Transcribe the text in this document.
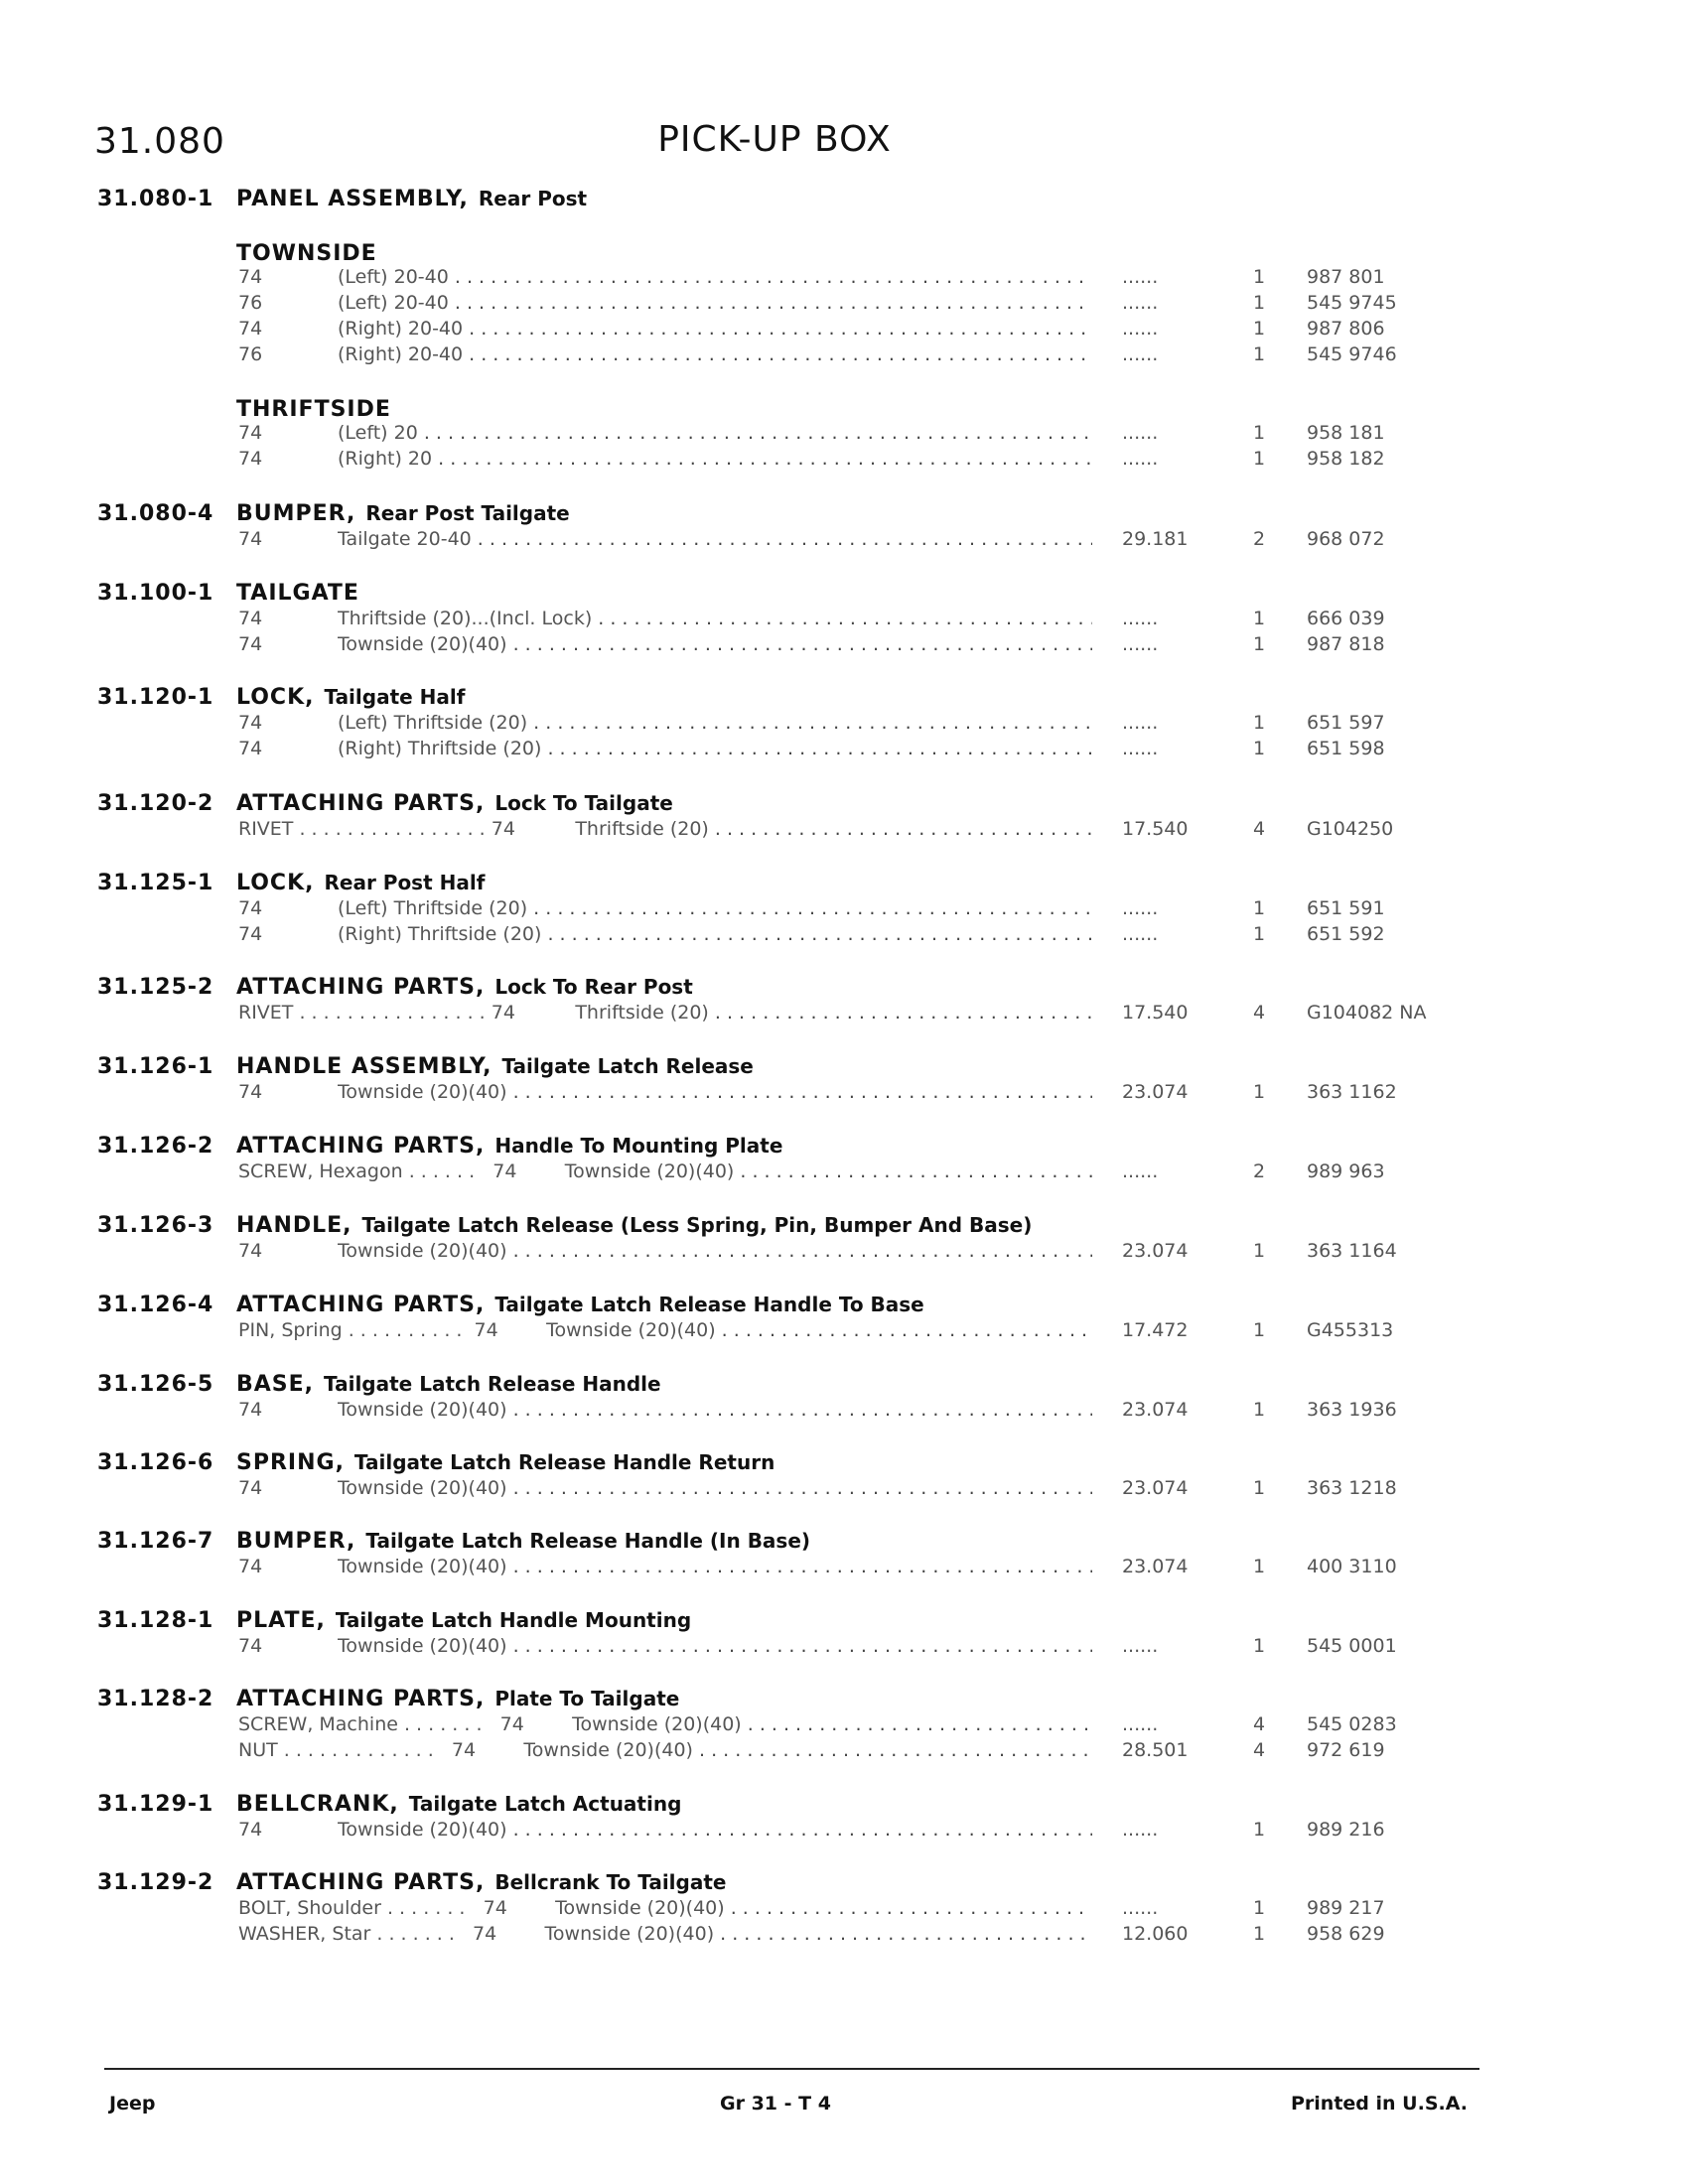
31.080	PICK-UP BOX
31.080-1 PANEL ASSEMBLY, Rear Post
TOWNSIDE
74	(Left) 20-40 . . .	......	1 987 801
76	(Left) 20-40 . . .	......	1 545 9745
74	(Right) 20-40 . . .	......	1 987 806
76	(Right) 20-40 . . .	......	1 545 9746
THRIFTSIDE
74	(Left) 20 . . .	......	1 958 181
74	(Right) 20 . . .	......	1 958 182
31.080-4 BUMPER, Rear Post Tailgate
74	Tailgate 20-40 . . .	29.181	2 968 072
31.100-1 TAILGATE
74	Thriftside (20)...(Incl. Lock) . . .	......	1 666 039
74	Townside (20)(40) . . .	......	1 987 818
31.120-1 LOCK, Tailgate Half
74	(Left) Thriftside (20) . . .	......	1 651 597
74	(Right) Thriftside (20) . . .	......	1 651 598
31.120-2 ATTACHING PARTS, Lock To Tailgate
RIVET . . . . . . . . . . . . . . . . 74	Thriftside (20) . . .	17.540	4 G104250
31.125-1 LOCK, Rear Post Half
74	(Left) Thriftside (20) . . .	......	1 651 591
74	(Right) Thriftside (20) . . .	......	1 651 592
31.125-2 ATTACHING PARTS, Lock To Rear Post
RIVET . . . . . . . . . . . . . . . . 74	Thriftside (20) . . .	17.540	4 G104082 NA
31.126-1 HANDLE ASSEMBLY, Tailgate Latch Release
74	Townside (20)(40) . . .	23.074	1 363 1162
31.126-2 ATTACHING PARTS, Handle To Mounting Plate
SCREW, Hexagon . . . . . .   74	Townside (20)(40) . . .	......	2 989 963
31.126-3 HANDLE, Tailgate Latch Release (Less Spring, Pin, Bumper And Base)
74	Townside (20)(40) . . .	23.074	1 363 1164
31.126-4 ATTACHING PARTS, Tailgate Latch Release Handle To Base
PIN, Spring . . . . . . . . . .  74	Townside (20)(40) . . .	17.472	1 G455313
31.126-5 BASE, Tailgate Latch Release Handle
74	Townside (20)(40) . . .	23.074	1 363 1936
31.126-6 SPRING, Tailgate Latch Release Handle Return
74	Townside (20)(40) . . .	23.074	1 363 1218
31.126-7 BUMPER, Tailgate Latch Release Handle (In Base)
74	Townside (20)(40) . . .	23.074	1 400 3110
31.128-1 PLATE, Tailgate Latch Handle Mounting
74	Townside (20)(40) . . .	......	1 545 0001
31.128-2 ATTACHING PARTS, Plate To Tailgate
SCREW, Machine . . . . . . .   74	Townside (20)(40) . . .	......	4 545 0283
NUT . . . . . . . . . . . . .   74	Townside (20)(40) . . .	28.501	4 972 619
31.129-1 BELLCRANK, Tailgate Latch Actuating
74	Townside (20)(40) . . .	......	1 989 216
31.129-2 ATTACHING PARTS, Bellcrank To Tailgate
BOLT, Shoulder . . . . . . .   74	Townside (20)(40) . . .	......	1 989 217
WASHER, Star . . . . . . .   74	Townside (20)(40) . . .	12.060	1 958 629
Jeep	Gr 31 - T 4	Printed in U.S.A.
